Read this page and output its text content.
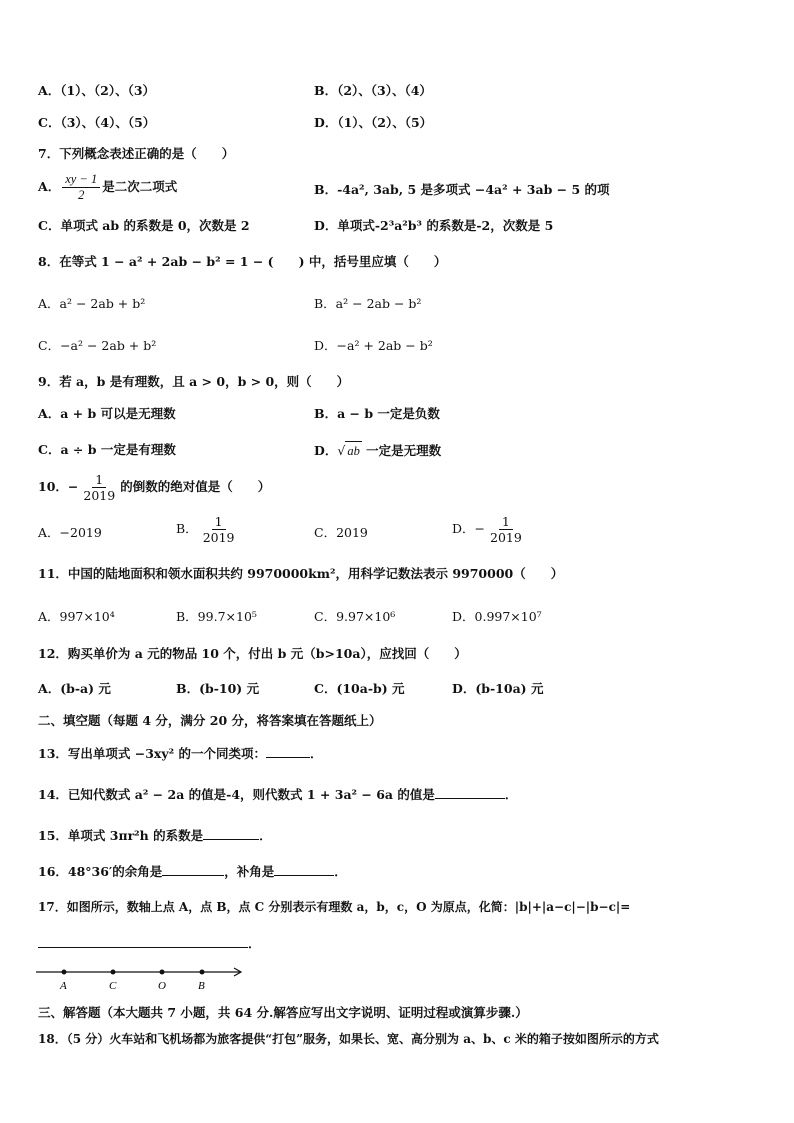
A．（1）、（2）、（3）	B．（2）、（3）、（4）
C．（3）、（4）、（5）	D．（1）、（2）、（5）
7．下列概念表述正确的是（　　）
A． $\frac{xy - 1}{2}$ 是二次二项式	B．-4a², 3ab, 5 是多项式 −4a² + 3ab − 5 的项
C．单项式 ab 的系数是 0，次数是 2	D．单项式-2³a²b³ 的系数是-2，次数是 5
8．在等式 1 − a² + 2ab − b² = 1 − (　　) 中，括号里应填（　　）
A．a² − 2ab + b²	B．a² − 2ab − b²
C．−a² − 2ab + b²	D．−a² + 2ab − b²
9．若 a，b 是有理数，且 a > 0，b > 0，则（　　）
A．a + b 可以是无理数	B．a − b 一定是负数
C．a ÷ b 一定是有理数	D．√ ab 一定是无理数
10．− $\frac{1}{2019}$ 的倒数的绝对值是（　　）
A．−2019	B． $\frac{1}{2019}$	C．2019	D．− $\frac{1}{2019}$
11．中国的陆地面积和领水面积共约 9970000km²，用科学记数法表示 9970000（　　）
A．997×10⁴	B．99.7×10⁵	C．9.97×10⁶	D．0.997×10⁷
12．购买单价为 a 元的物品 10 个，付出 b 元（b>10a），应找回（　　）
A．(b-a) 元	B．(b-10) 元	C．(10a-b) 元	D．(b-10a) 元
二、填空题（每题 4 分，满分 20 分，将答案填在答题纸上）
13．写出单项式 −3xy² 的一个同类项：	．
14．已知代数式 a² − 2a 的值是-4，则代数式 1 + 3a² − 6a 的值是	．
15．单项式 3πr²h 的系数是	．
16．48°36′的余角是	，补角是	．
17．如图所示，数轴上点 A，点 B，点 C 分别表示有理数 a，b，c，O 为原点，化简：|b|+|a−c|−|b−c|=
．
A	C	O	B
三、解答题（本大题共 7 小题，共 64 分.解答应写出文字说明、证明过程或演算步骤.）
18．（5 分）火车站和飞机场都为旅客提供“打包”服务，如果长、宽、高分别为 a、b、c 米的箱子按如图所示的方式
